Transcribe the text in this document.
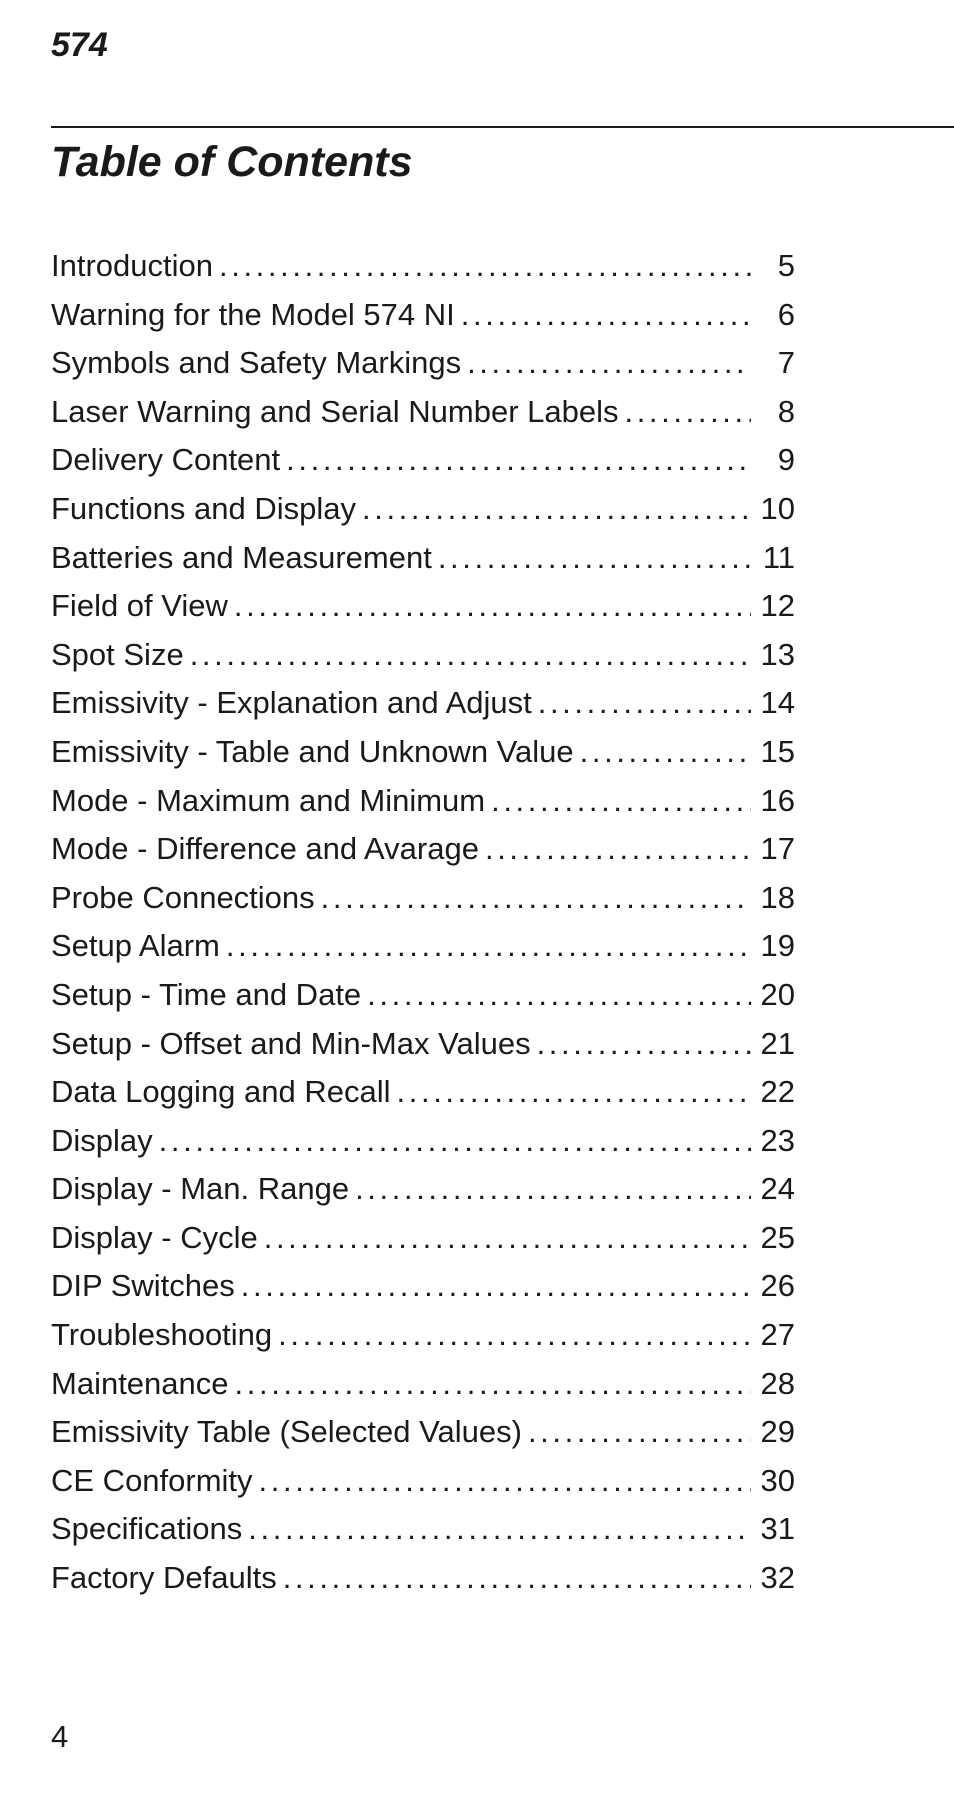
574
Table of Contents
Introduction . . .	5
Warning for the Model 574 NI . . .	6
Symbols and Safety Markings . . .	7
Laser Warning and Serial Number Labels . . .	8
Delivery Content . . .	9
Functions and Display . . .	10
Batteries and Measurement . . .	11
Field of View . . .	12
Spot Size . . .	13
Emissivity - Explanation and Adjust . . .	14
Emissivity - Table and Unknown Value . . .	15
Mode - Maximum and Minimum . . .	16
Mode - Difference and Avarage . . .	17
Probe Connections . . .	18
Setup Alarm . . .	19
Setup - Time and Date . . .	20
Setup - Offset and Min-Max Values . . .	21
Data Logging and Recall . . .	22
Display . . .	23
Display - Man. Range . . .	24
Display - Cycle . . .	25
DIP Switches . . .	26
Troubleshooting . . .	27
Maintenance . . .	28
Emissivity Table (Selected Values) . . .	29
CE Conformity . . .	30
Specifications . . .	31
Factory Defaults . . .	32
4
